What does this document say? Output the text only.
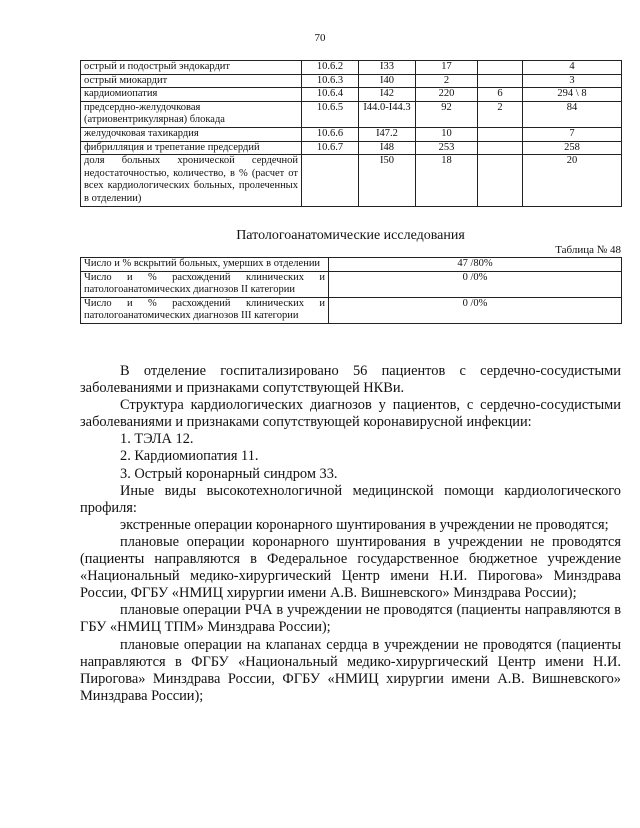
70
острый и подострый эндокардит	10.6.2	I33	17		4
острый миокардит	10.6.3	I40	2		3
кардиомиопатия	10.6.4	I42	220	6	294 \ 8
предсердно-желудочковая (атриовентрикулярная) блокада	10.6.5	I44.0-I44.3	92	2	84
желудочковая тахикардия	10.6.6	I47.2	10		7
фибрилляция и трепетание предсердий	10.6.7	I48	253		258
доля больных хронической сердечной недостаточностью, количество, в % (расчет от всех кардиологических больных, пролеченных в отделении)		I50	18		20
Патологоанатомические исследования
Таблица № 48
Число и % вскрытий больных, умерших в отделении	47 /80%
Число и % расхождений клинических и патологоанатомических диагнозов II категории	0 /0%
Число и % расхождений клинических и патологоанатомических диагнозов III категории	0 /0%

В отделение госпитализировано 56 пациентов с сердечно-сосудистыми заболеваниями и признаками сопутствующей НКВи.

Структура кардиологических диагнозов у пациентов, с сердечно-сосудистыми заболеваниями и признаками сопутствующей коронавирусной инфекции:

1. ТЭЛА 12.

2. Кардиомиопатия 11.

3. Острый коронарный синдром 33.

Иные виды высокотехнологичной медицинской помощи кардиологического профиля:

экстренные операции коронарного шунтирования в учреждении не проводятся;

плановые операции коронарного шунтирования в учреждении не проводятся (пациенты направляются в Федеральное государственное бюджетное учреждение «Национальный медико-хирургический Центр имени Н.И. Пирогова» Минздрава России, ФГБУ «НМИЦ хирургии имени А.В. Вишневского» Минздрава России);

плановые операции РЧА в учреждении не проводятся (пациенты направляются в ГБУ «НМИЦ ТПМ» Минздрава России);

плановые операции на клапанах сердца в учреждении не проводятся (пациенты направляются в ФГБУ «Национальный медико-хирургический Центр имени Н.И. Пирогова» Минздрава России, ФГБУ «НМИЦ хирургии имени А.В. Вишневского» Минздрава России);
